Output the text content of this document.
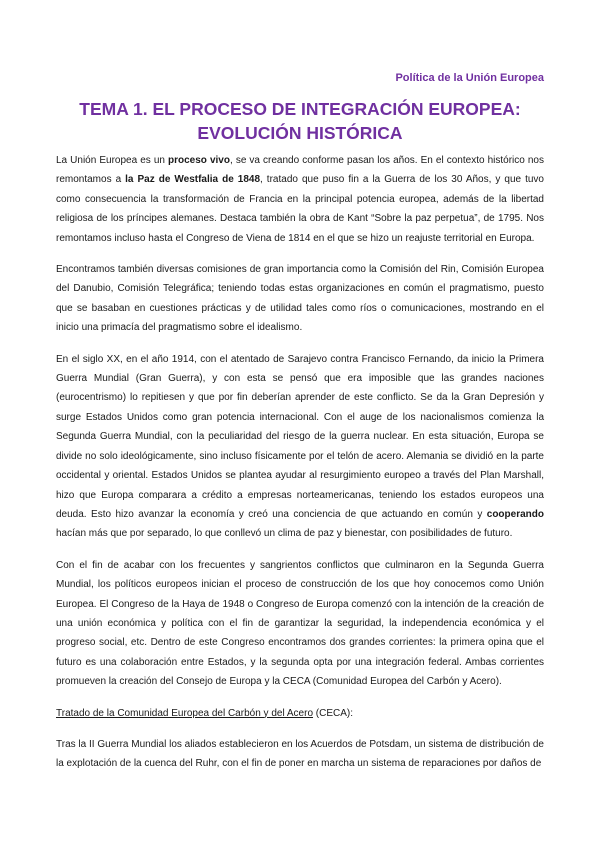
Política de la Unión Europea
TEMA 1. EL PROCESO DE INTEGRACIÓN EUROPEA: EVOLUCIÓN HISTÓRICA

La Unión Europea es un proceso vivo, se va creando conforme pasan los años. En el contexto histórico nos remontamos a la Paz de Westfalia de 1848, tratado que puso fin a la Guerra de los 30 Años, y que tuvo como consecuencia la transformación de Francia en la principal potencia europea, además de la libertad religiosa de los príncipes alemanes. Destaca también la obra de Kant “Sobre la paz perpetua”, de 1795. Nos remontamos incluso hasta el Congreso de Viena de 1814 en el que se hizo un reajuste territorial en Europa.

Encontramos también diversas comisiones de gran importancia como la Comisión del Rin, Comisión Europea del Danubio, Comisión Telegráfica; teniendo todas estas organizaciones en común el pragmatismo, puesto que se basaban en cuestiones prácticas y de utilidad tales como ríos o comunicaciones, mostrando en el inicio una primacía del pragmatismo sobre el idealismo.

En el siglo XX, en el año 1914, con el atentado de Sarajevo contra Francisco Fernando, da inicio la Primera Guerra Mundial (Gran Guerra), y con esta se pensó que era imposible que las grandes naciones (eurocentrismo) lo repitiesen y que por fin deberían aprender de este conflicto. Se da la Gran Depresión y surge Estados Unidos como gran potencia internacional. Con el auge de los nacionalismos comienza la Segunda Guerra Mundial, con la peculiaridad del riesgo de la guerra nuclear. En esta situación, Europa se divide no solo ideológicamente, sino incluso físicamente por el telón de acero. Alemania se dividió en la parte occidental y oriental. Estados Unidos se plantea ayudar al resurgimiento europeo a través del Plan Marshall, hizo que Europa comparara a crédito a empresas norteamericanas, teniendo los estados europeos una deuda. Esto hizo avanzar la economía y creó una conciencia de que actuando en común y cooperando hacían más que por separado, lo que conllevó un clima de paz y bienestar, con posibilidades de futuro.

Con el fin de acabar con los frecuentes y sangrientos conflictos que culminaron en la Segunda Guerra Mundial, los políticos europeos inician el proceso de construcción de los que hoy conocemos como Unión Europea. El Congreso de la Haya de 1948 o Congreso de Europa comenzó con la intención de la creación de una unión económica y política con el fin de garantizar la seguridad, la independencia económica y el progreso social, etc. Dentro de este Congreso encontramos dos grandes corrientes: la primera opina que el futuro es una colaboración entre Estados, y la segunda opta por una integración federal. Ambas corrientes promueven la creación del Consejo de Europa y la CECA (Comunidad Europea del Carbón y Acero).

Tratado de la Comunidad Europea del Carbón y del Acero (CECA):

Tras la II Guerra Mundial los aliados establecieron en los Acuerdos de Potsdam, un sistema de distribución de la explotación de la cuenca del Ruhr, con el fin de poner en marcha un sistema de reparaciones por daños de
